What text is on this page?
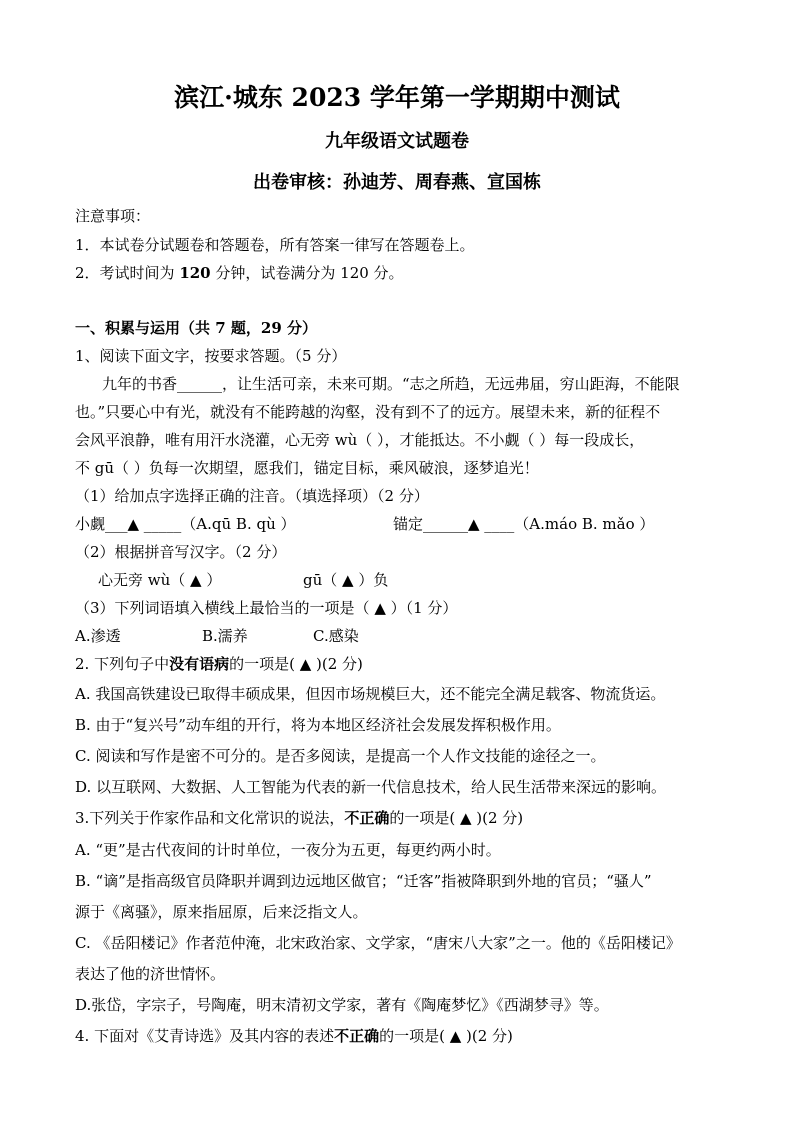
滨江·城东 2023 学年第一学期期中测试
九年级语文试题卷
出卷审核：孙迪芳、周春燕、宣国栋
注意事项：
1．本试卷分试题卷和答题卷，所有答案一律写在答题卷上。
2．考试时间为 120 分钟，试卷满分为 120 分。
一、积累与运用（共 7 题，29 分）
1、阅读下面文字，按要求答题。（5 分）
九年的书香______，让生活可亲，未来可期。“志之所趋，无远弗届，穷山距海，不能限
也。”只要心中有光，就没有不能跨越的沟壑，没有到不了的远方。展望未来，新的征程不
会风平浪静，唯有用汗水浇灌，心无旁 wù（ ），才能抵达。不小觑（ ）每一段成长，
不 gū（ ）负每一次期望，愿我们，锚定目标，乘风破浪，逐梦追光！
（1）给加点字选择正确的注音。（填选择项）（2 分）
小觑___▲ _____（A.qū B. qù ）	锚定______▲ ____（A.máo B. mǎo ）
（2）根据拼音写汉字。（2 分）
心无旁 wù（ ▲ ）	gū（ ▲ ）负
（3）下列词语填入横线上最恰当的一项是（ ▲ ）（1 分）
A.渗透	B.濡养	C.感染
2. 下列句子中没有语病的一项是( ▲ )(2 分)
A. 我国高铁建设已取得丰硕成果，但因市场规模巨大，还不能完全满足载客、物流货运。
B. 由于“复兴号”动车组的开行，将为本地区经济社会发展发挥积极作用。
C. 阅读和写作是密不可分的。是否多阅读，是提高一个人作文技能的途径之一。
D. 以互联网、大数据、人工智能为代表的新一代信息技术，给人民生活带来深远的影响。
3.下列关于作家作品和文化常识的说法，不正确的一项是( ▲ )(2 分)
A. “更”是古代夜间的计时单位，一夜分为五更，每更约两小时。
B. “谪”是指高级官员降职并调到边远地区做官；“迁客”指被降职到外地的官员；“骚人”
源于《离骚》，原来指屈原，后来泛指文人。
C. 《岳阳楼记》作者范仲淹，北宋政治家、文学家，“唐宋八大家”之一。他的《岳阳楼记》
表达了他的济世情怀。
D.张岱，字宗子，号陶庵，明末清初文学家，著有《陶庵梦忆》《西湖梦寻》等。
4. 下面对《艾青诗选》及其内容的表述不正确的一项是( ▲ )(2 分)
